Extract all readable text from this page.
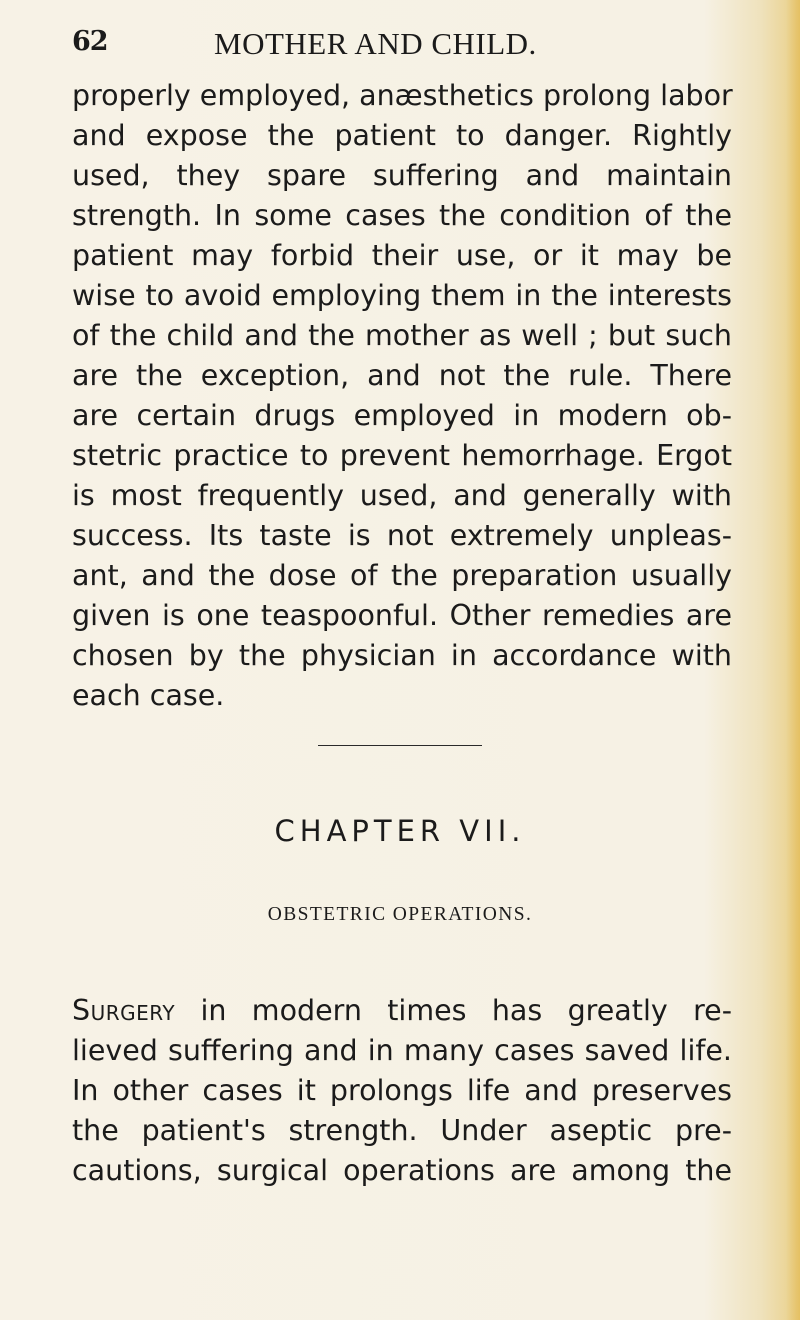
62	MOTHER AND CHILD.
properly employed, anæsthetics prolong labor
and expose the patient to danger. Rightly
used, they spare suffering and maintain
strength. In some cases the condition of the
patient may forbid their use, or it may be
wise to avoid employing them in the interests
of the child and the mother as well ; but such
are the exception, and not the rule. There
are certain drugs employed in modern ob-
stetric practice to prevent hemorrhage. Ergot
is most frequently used, and generally with
success. Its taste is not extremely unpleas-
ant, and the dose of the preparation usually
given is one teaspoonful. Other remedies are
chosen by the physician in accordance with
each case.
CHAPTER VII.
OBSTETRIC OPERATIONS.
Surgery in modern times has greatly re-
lieved suffering and in many cases saved life.
In other cases it prolongs life and preserves
the patient's strength. Under aseptic pre-
cautions, surgical operations are among the
